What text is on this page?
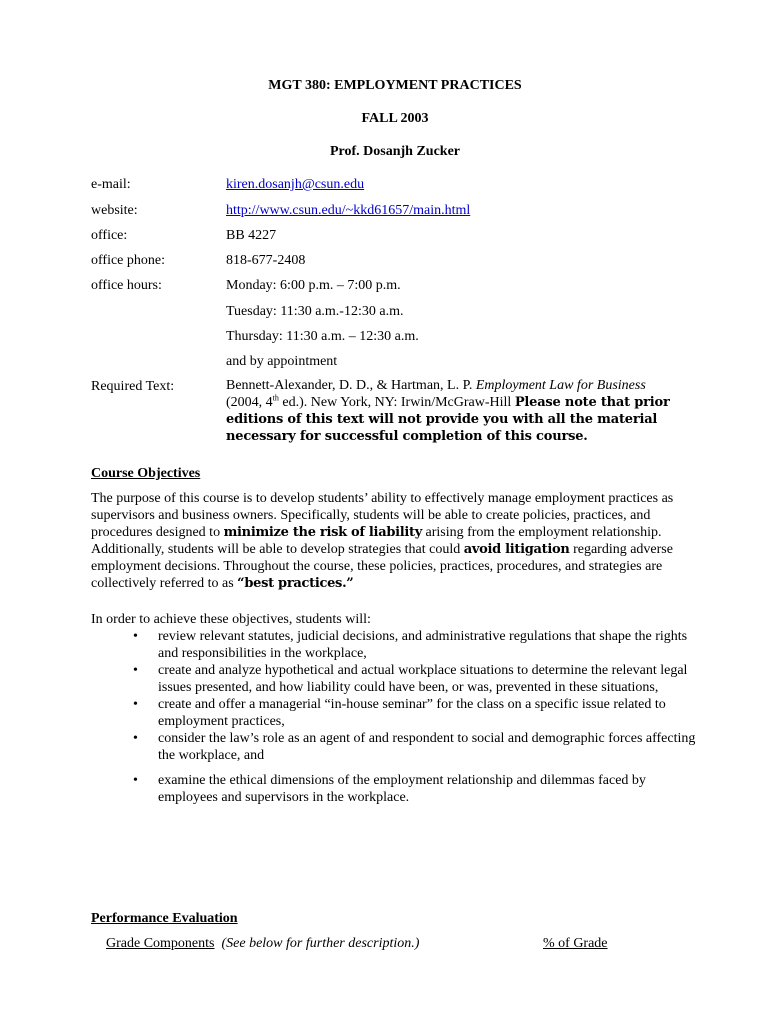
MGT 380: EMPLOYMENT PRACTICES
FALL 2003
Prof. Dosanjh Zucker
e-mail:	kiren.dosanjh@csun.edu
website:	http://www.csun.edu/~kkd61657/main.html
office:	BB 4227
office phone:	818-677-2408
office hours:	Monday: 6:00 p.m. – 7:00 p.m.
Tuesday: 11:30 a.m.-12:30 a.m.
Thursday: 11:30 a.m. – 12:30 a.m.
and by appointment
Required Text:	Bennett-Alexander, D. D., & Hartman, L. P. Employment Law for Business
(2004, 4th ed.). New York, NY: Irwin/McGraw-Hill Please note that prior editions of this text will not provide you with all the material necessary for successful completion of this course.
Course Objectives
The purpose of this course is to develop students’ ability to effectively manage employment practices as supervisors and business owners. Specifically, students will be able to create policies, practices, and procedures designed to minimize the risk of liability arising from the employment relationship. Additionally, students will be able to develop strategies that could avoid litigation regarding adverse employment decisions. Throughout the course, these policies, practices, procedures, and strategies are collectively referred to as “best practices.”
In order to achieve these objectives, students will:
• review relevant statutes, judicial decisions, and administrative regulations that shape the rights and responsibilities in the workplace,
• create and analyze hypothetical and actual workplace situations to determine the relevant legal issues presented, and how liability could have been, or was, prevented in these situations,
• create and offer a managerial “in-house seminar” for the class on a specific issue related to employment practices,
• consider the law’s role as an agent of and respondent to social and demographic forces affecting the workplace, and
• examine the ethical dimensions of the employment relationship and dilemmas faced by employees and supervisors in the workplace.
Performance Evaluation
Grade Components (See below for further description.)	% of Grade
